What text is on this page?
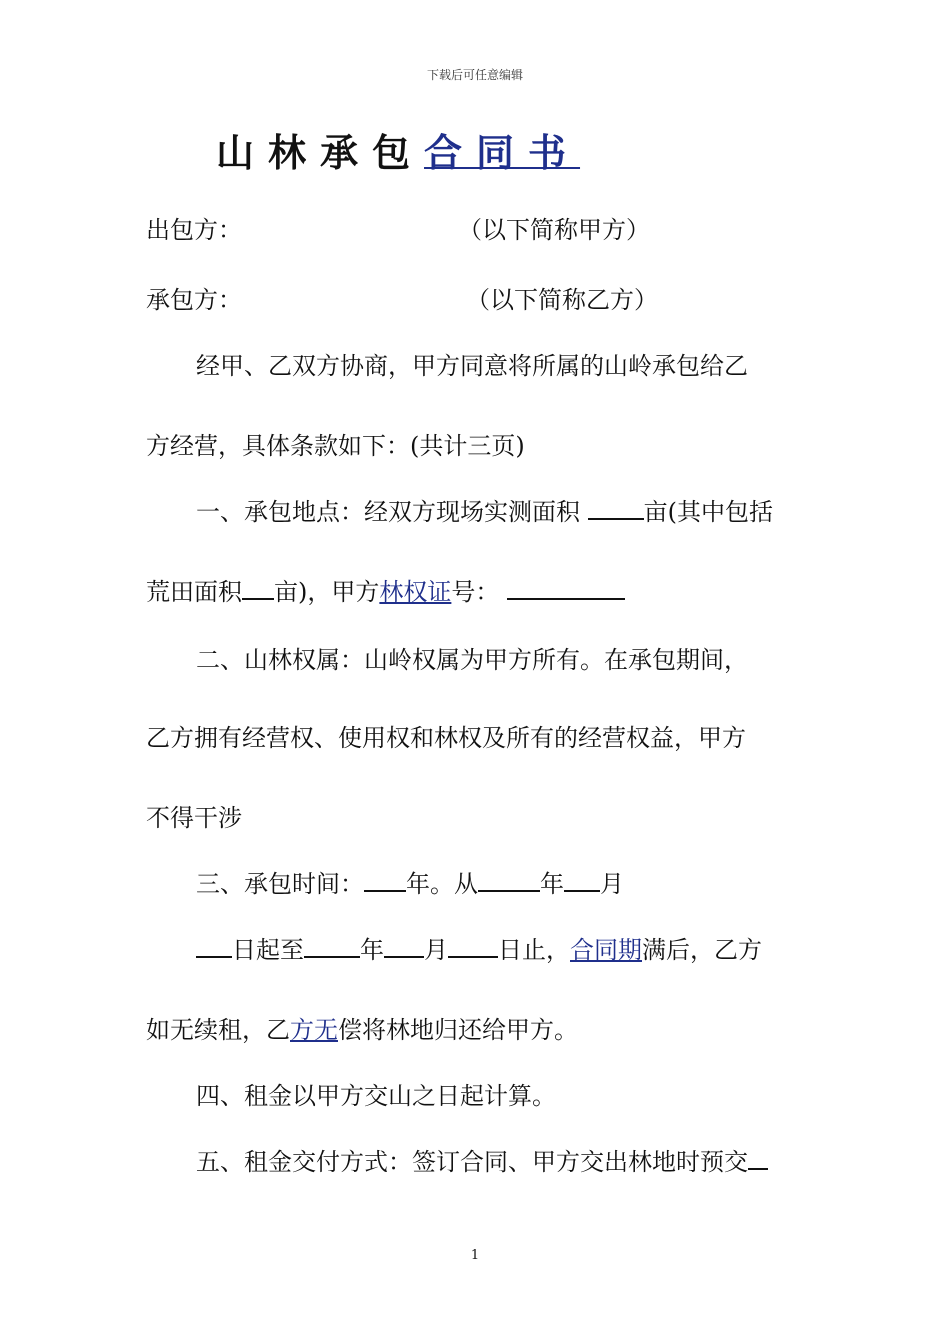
下载后可任意编辑
山林承包合同书
出包方：	（以下简称甲方）
承包方：	（以下简称乙方）
经甲、乙双方协商，甲方同意将所属的山岭承包给乙
方经营，具体条款如下：(共计三页)
一、承包地点：经双方现场实测面积	亩(其中包括
荒田面积 亩)，甲方林权证号：
二、山林权属：山岭权属为甲方所有。在承包期间，
乙方拥有经营权、使用权和林权及所有的经营权益，甲方
不得干涉
三、承包时间： 年。从	年 月
日起至 年 月 日止，合同期满后，乙方
如无续租，乙方无偿将林地归还给甲方。
四、租金以甲方交山之日起计算。
五、租金交付方式：签订合同、甲方交出林地时预交
1
